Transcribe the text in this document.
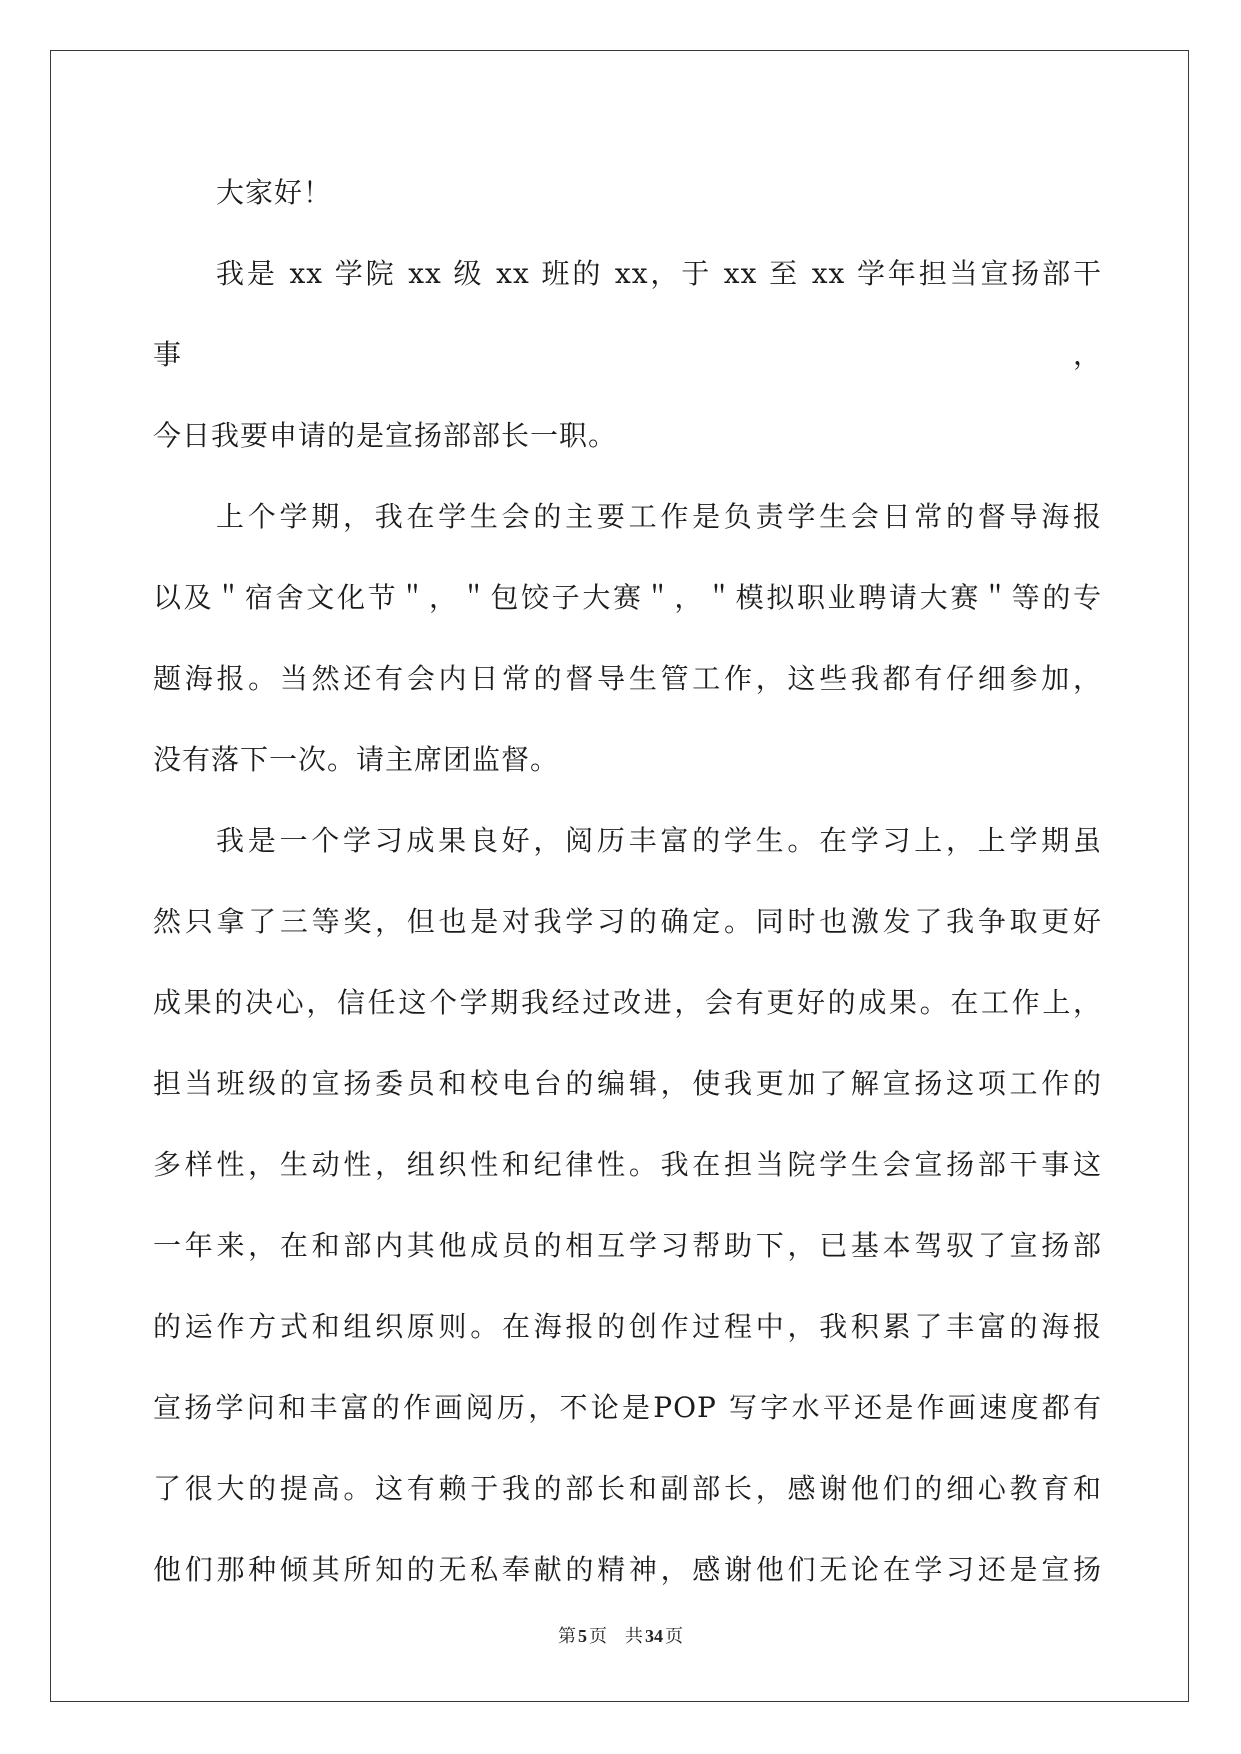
大家好！
我是 xx 学院 xx 级 xx 班的 xx，于 xx 至 xx 学年担当宣扬部干事，
今日我要申请的是宣扬部部长一职。
上个学期，我在学生会的主要工作是负责学生会日常的督导海报
以及＂宿舍文化节＂，＂包饺子大赛＂，＂模拟职业聘请大赛＂等的专
题海报。当然还有会内日常的督导生管工作，这些我都有仔细参加，
没有落下一次。请主席团监督。
我是一个学习成果良好，阅历丰富的学生。在学习上，上学期虽
然只拿了三等奖，但也是对我学习的确定。同时也激发了我争取更好
成果的决心，信任这个学期我经过改进，会有更好的成果。在工作上，
担当班级的宣扬委员和校电台的编辑，使我更加了解宣扬这项工作的
多样性，生动性，组织性和纪律性。我在担当院学生会宣扬部干事这
一年来，在和部内其他成员的相互学习帮助下，已基本驾驭了宣扬部
的运作方式和组织原则。在海报的创作过程中，我积累了丰富的海报
宣扬学问和丰富的作画阅历，不论是POP 写字水平还是作画速度都有
了很大的提高。这有赖于我的部长和副部长，感谢他们的细心教育和
他们那种倾其所知的无私奉献的精神，感谢他们无论在学习还是宣扬
第 5 页 共 34 页
